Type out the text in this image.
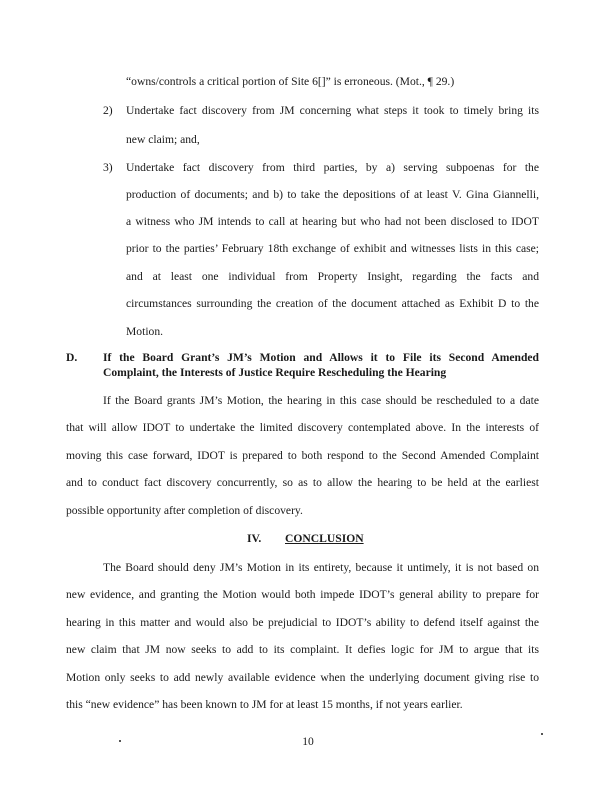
“owns/controls a critical portion of Site 6[]” is erroneous. (Mot., ¶ 29.)
2) Undertake fact discovery from JM concerning what steps it took to timely bring its
new claim; and,
3) Undertake fact discovery from third parties, by a) serving subpoenas for the
production of documents; and b) to take the depositions of at least V. Gina Giannelli,
a witness who JM intends to call at hearing but who had not been disclosed to IDOT
prior to the parties’ February 18th exchange of exhibit and witnesses lists in this case;
and at least one individual from Property Insight, regarding the facts and
circumstances surrounding the creation of the document attached as Exhibit D to the
Motion.
D. If the Board Grant’s JM’s Motion and Allows it to File its Second Amended
Complaint, the Interests of Justice Require Rescheduling the Hearing
If the Board grants JM’s Motion, the hearing in this case should be rescheduled to a date
that will allow IDOT to undertake the limited discovery contemplated above. In the interests of
moving this case forward, IDOT is prepared to both respond to the Second Amended Complaint
and to conduct fact discovery concurrently, so as to allow the hearing to be held at the earliest
possible opportunity after completion of discovery.
IV. CONCLUSION
The Board should deny JM’s Motion in its entirety, because it untimely, it is not based on
new evidence, and granting the Motion would both impede IDOT’s general ability to prepare for
hearing in this matter and would also be prejudicial to IDOT’s ability to defend itself against the
new claim that JM now seeks to add to its complaint. It defies logic for JM to argue that its
Motion only seeks to add newly available evidence when the underlying document giving rise to
this “new evidence” has been known to JM for at least 15 months, if not years earlier.
10
